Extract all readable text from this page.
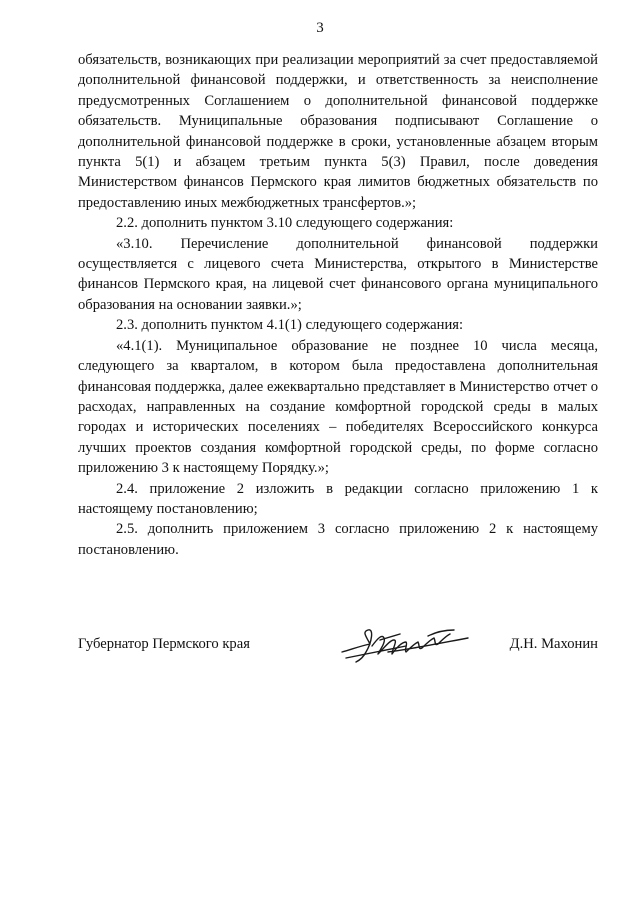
3

обязательств, возникающих при реализации мероприятий за счет предоставляемой дополнительной финансовой поддержки, и ответственность за неисполнение предусмотренных Соглашением о дополнительной финансовой поддержке обязательств. Муниципальные образования подписывают Соглашение о дополнительной финансовой поддержке в сроки, установленные абзацем вторым пункта 5(1) и абзацем третьим пункта 5(3) Правил, после доведения Министерством финансов Пермского края лимитов бюджетных обязательств по предоставлению иных межбюджетных трансфертов.»;

2.2. дополнить пунктом 3.10 следующего содержания:

«3.10. Перечисление дополнительной финансовой поддержки осуществляется с лицевого счета Министерства, открытого в Министерстве финансов Пермского края, на лицевой счет финансового органа муниципального образования на основании заявки.»;

2.3. дополнить пунктом 4.1(1) следующего содержания:

«4.1(1). Муниципальное образование не позднее 10 числа месяца, следующего за кварталом, в котором была предоставлена дополнительная финансовая поддержка, далее ежеквартально представляет в Министерство отчет о расходах, направленных на создание комфортной городской среды в малых городах и исторических поселениях – победителях Всероссийского конкурса лучших проектов создания комфортной городской среды, по форме согласно приложению 3 к настоящему Порядку.»;

2.4. приложение 2 изложить в редакции согласно приложению 1 к настоящему постановлению;

2.5. дополнить приложением 3 согласно приложению 2 к настоящему постановлению.

Губернатор Пермского края	Д.Н. Махонин
